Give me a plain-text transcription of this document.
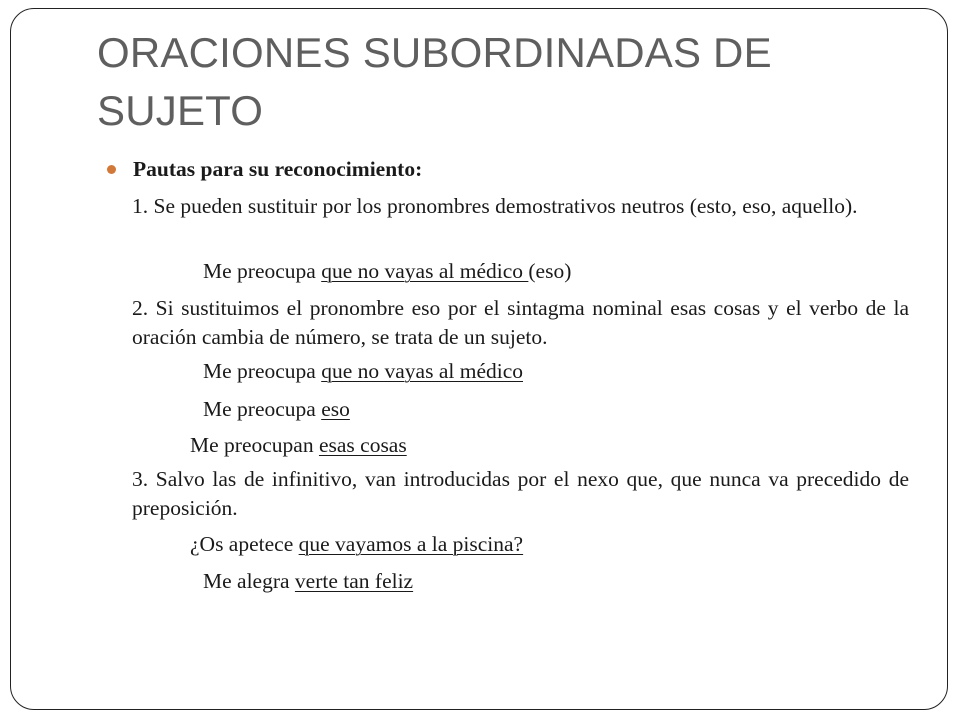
ORACIONES SUBORDINADAS DE SUJETO
Pautas para su reconocimiento:
1. Se pueden sustituir por los pronombres demostrativos neutros (esto, eso, aquello).
Me preocupa que no vayas al médico (eso)
2. Si sustituimos el pronombre eso por el sintagma nominal esas cosas y el verbo de la oración cambia de número, se trata de un sujeto.
Me preocupa que no vayas al médico
Me preocupa eso
Me preocupan esas cosas
3. Salvo las de infinitivo, van introducidas por el nexo que, que nunca va precedido de preposición.
¿Os apetece que vayamos a la piscina?
Me alegra verte tan feliz
